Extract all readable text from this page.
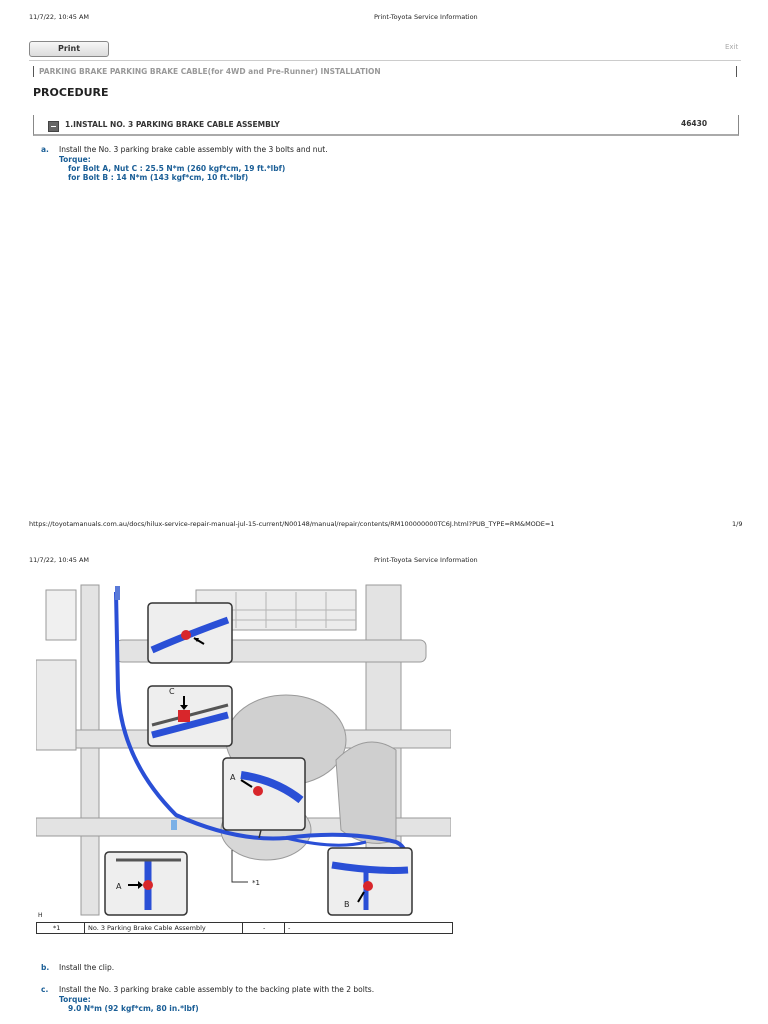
11/7/22, 10:45 AM	Print-Toyota Service Information
Print	Exit
PARKING BRAKE PARKING BRAKE CABLE(for 4WD and Pre-Runner) INSTALLATION
PROCEDURE
1.INSTALL NO. 3 PARKING BRAKE CABLE ASSEMBLY	46430
a. Install the No. 3 parking brake cable assembly with the 3 bolts and nut.
Torque:
for Bolt A, Nut C : 25.5 N*m (260 kgf*cm, 19 ft.*lbf)
for Bolt B : 14 N*m (143 kgf*cm, 10 ft.*lbf)
https://toyotamanuals.com.au/docs/hilux-service-repair-manual-jul-15-current/N00148/manual/repair/contents/RM100000000TC6J.html?PUB_TYPE=RM&MODE=1	1/9
11/7/22, 10:45 AM	Print-Toyota Service Information
C
A
A
B
*1
H
*1	No. 3 Parking Brake Cable Assembly	-	-
b. Install the clip.
c. Install the No. 3 parking brake cable assembly to the backing plate with the 2 bolts.
Torque:
9.0 N*m (92 kgf*cm, 80 in.*lbf)
